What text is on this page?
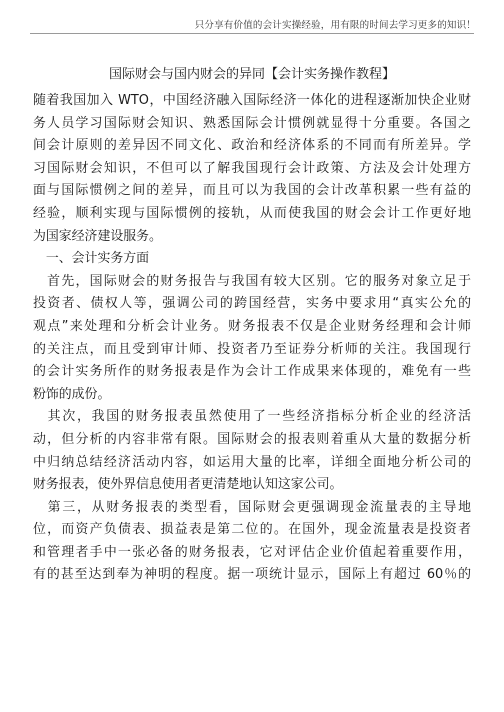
只分享有价值的会计实操经验，用有限的时间去学习更多的知识！
国际财会与国内财会的异同【会计实务操作教程】
随着我国加入 WTO，中国经济融入国际经济一体化的进程逐渐加快企业财
务人员学习国际财会知识、熟悉国际会计惯例就显得十分重要。各国之
间会计原则的差异因不同文化、政治和经济体系的不同而有所差异。学
习国际财会知识，不但可以了解我国现行会计政策、方法及会计处理方
面与国际惯例之间的差异，而且可以为我国的会计改革积累一些有益的
经验，顺利实现与国际惯例的接轨，从而使我国的财会会计工作更好地
为国家经济建设服务。
　一、会计实务方面
　首先，国际财会的财务报告与我国有较大区别。它的服务对象立足于
投资者、债权人等，强调公司的跨国经营，实务中要求用“真实公允的
观点”来处理和分析会计业务。财务报表不仅是企业财务经理和会计师
的关注点，而且受到审计师、投资者乃至证券分析师的关注。我国现行
的会计实务所作的财务报表是作为会计工作成果来体现的，难免有一些
粉饰的成份。
　其次，我国的财务报表虽然使用了一些经济指标分析企业的经济活
动，但分析的内容非常有限。国际财会的报表则着重从大量的数据分析
中归纳总结经济活动内容，如运用大量的比率，详细全面地分析公司的
财务报表，使外界信息使用者更清楚地认知这家公司。
　第三，从财务报表的类型看，国际财会更强调现金流量表的主导地
位，而资产负债表、损益表是第二位的。在国外，现金流量表是投资者
和管理者手中一张必备的财务报表，它对评估企业价值起着重要作用，
有的甚至达到奉为神明的程度。据一项统计显示，国际上有超过 60％的
